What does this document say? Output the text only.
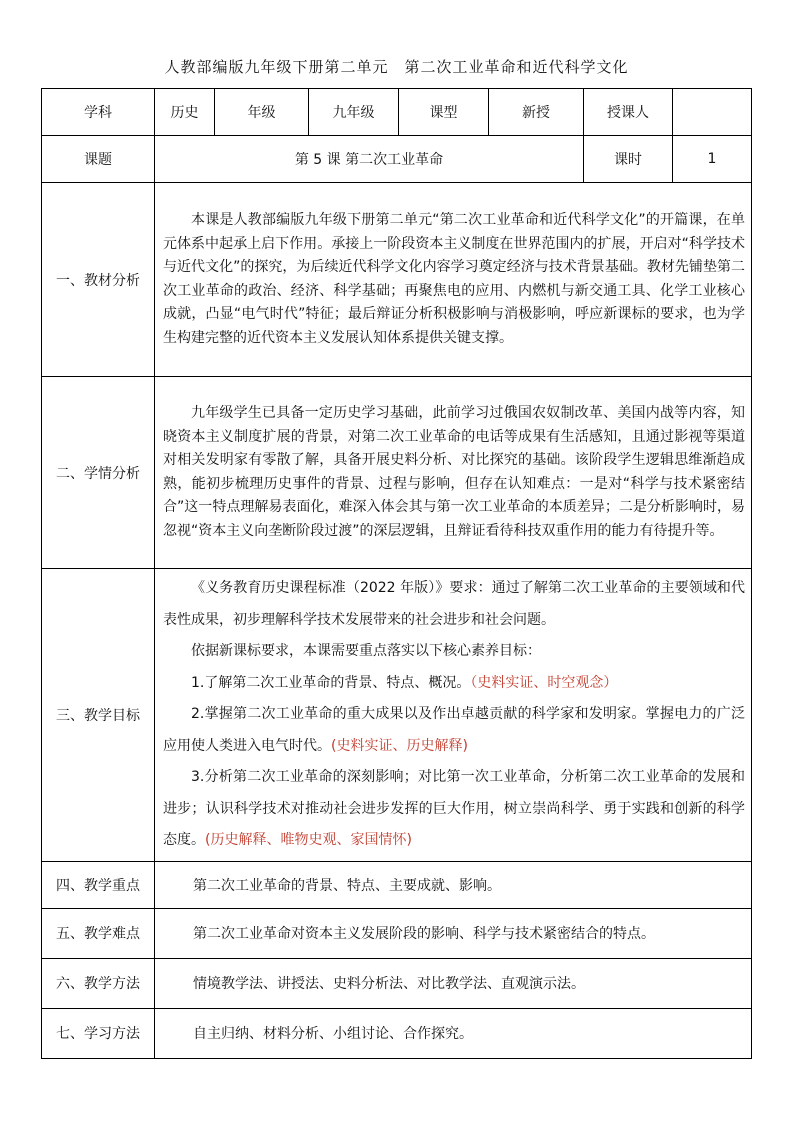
人教部编版九年级下册第二单元　第二次工业革命和近代科学文化
学科	历史	年级	九年级	课型	新授	授课人	
课题	第 5 课 第二次工业革命					课时	1
一、教材分析	本课是人教部编版九年级下册第二单元“第二次工业革命和近代科学文化”的开篇课，在单元体系中起承上启下作用。承接上一阶段资本主义制度在世界范围内的扩展，开启对“科学技术与近代文化”的探究，为后续近代科学文化内容学习奠定经济与技术背景基础。教材先铺垫第二次工业革命的政治、经济、科学基础；再聚焦电的应用、内燃机与新交通工具、化学工业核心成就，凸显“电气时代”特征；最后辩证分析积极影响与消极影响，呼应新课标的要求，也为学生构建完整的近代资本主义发展认知体系提供关键支撑。						

二、学情分析	九年级学生已具备一定历史学习基础，此前学习过俄国农奴制改革、美国内战等内容，知晓资本主义制度扩展的背景，对第二次工业革命的电话等成果有生活感知，且通过影视等渠道对相关发明家有零散了解，具备开展史料分析、对比探究的基础。该阶段学生逻辑思维渐趋成熟，能初步梳理历史事件的背景、过程与影响，但存在认知难点：一是对“科学与技术紧密结合”这一特点理解易表面化，难深入体会其与第一次工业革命的本质差异；二是分析影响时，易忽视“资本主义向垄断阶段过渡”的深层逻辑，且辩证看待科技双重作用的能力有待提升等。						

三、教学目标	《义务教育历史课程标准（2022 年版）》要求：通过了解第二次工业革命的主要领域和代表性成果，初步理解科学技术发展带来的社会进步和社会问题。

依据新课标要求，本课需要重点落实以下核心素养目标：

1.了解第二次工业革命的背景、特点、概况。（史料实证、时空观念）

2.掌握第二次工业革命的重大成果以及作出卓越贡献的科学家和发明家。掌握电力的广泛应用使人类进入电气时代。(史料实证、历史解释)

3.分析第二次工业革命的深刻影响；对比第一次工业革命，分析第二次工业革命的发展和进步；认识科学技术对推动社会进步发挥的巨大作用，树立崇尚科学、勇于实践和创新的科学态度。(历史解释、唯物史观、家国情怀)						

四、教学重点	第二次工业革命的背景、特点、主要成就、影响。						
五、教学难点	第二次工业革命对资本主义发展阶段的影响、科学与技术紧密结合的特点。						
六、教学方法	情境教学法、讲授法、史料分析法、对比教学法、直观演示法。						
七、学习方法	自主归纳、材料分析、小组讨论、合作探究。						
